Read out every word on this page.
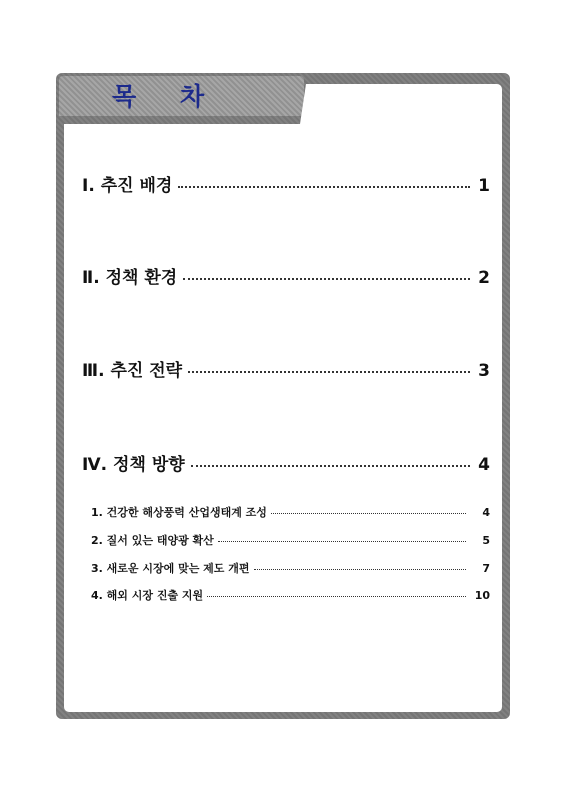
목 차
Ⅰ. 추진 배경	1
Ⅱ. 정책 환경	2
Ⅲ. 추진 전략	3
Ⅳ. 정책 방향	4
1. 건강한 해상풍력 산업생태계 조성	4
2. 질서 있는 태양광 확산	5
3. 새로운 시장에 맞는 제도 개편	7
4. 해외 시장 진출 지원	10
